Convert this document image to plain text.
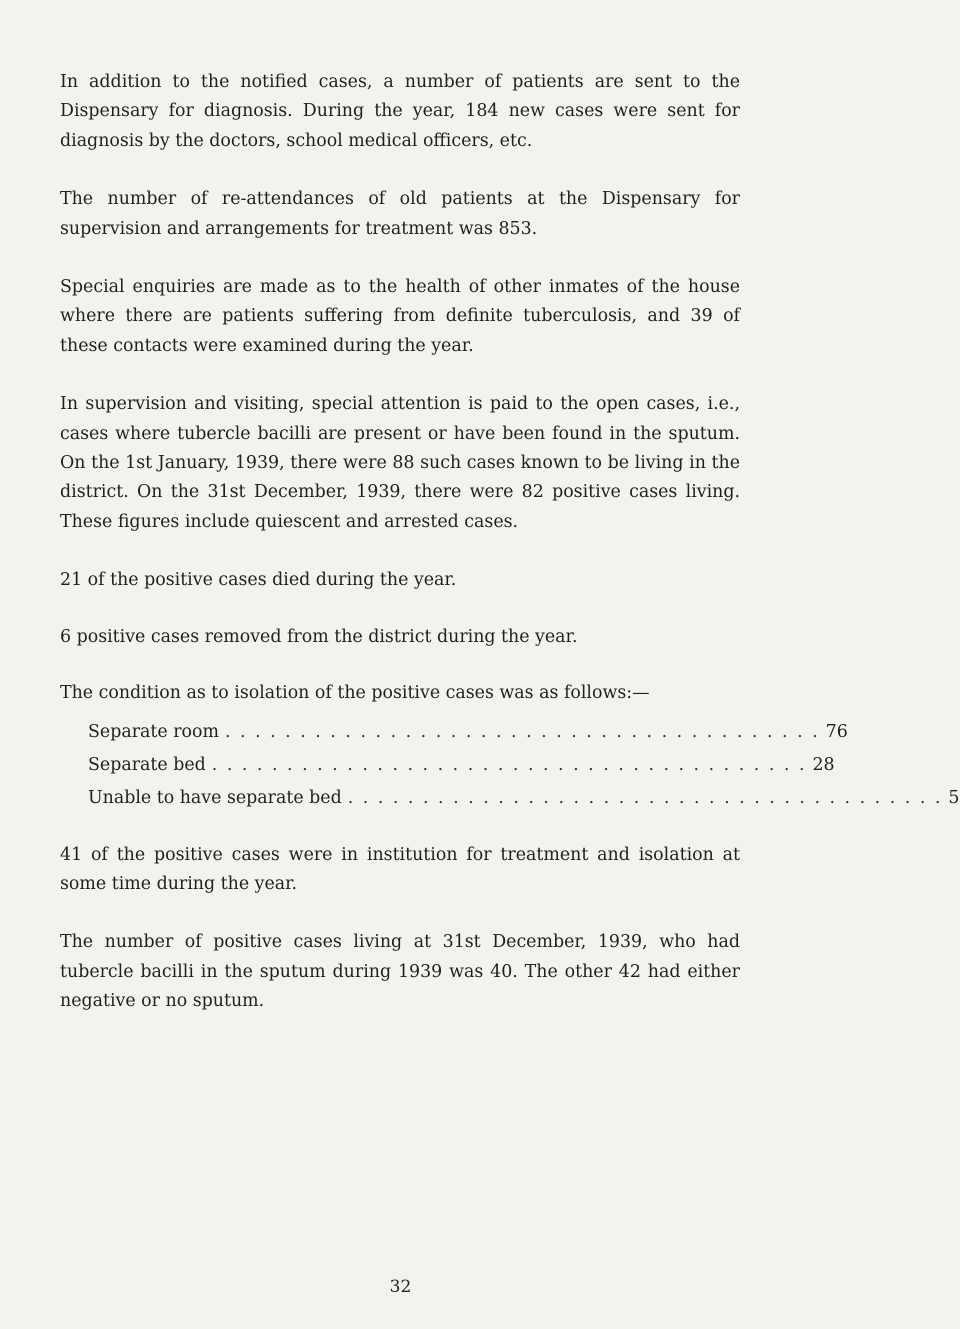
In addition to the notified cases, a number of patients are sent to the Dispensary for diagnosis. During the year, 184 new cases were sent for diagnosis by the doctors, school medical officers, etc.

The number of re-attendances of old patients at the Dispensary for supervision and arrangements for treatment was 853.

Special enquiries are made as to the health of other inmates of the house where there are patients suffering from definite tuberculosis, and 39 of these contacts were examined during the year.

In supervision and visiting, special attention is paid to the open cases, i.e., cases where tubercle bacilli are present or have been found in the sputum. On the 1st January, 1939, there were 88 such cases known to be living in the district. On the 31st December, 1939, there were 82 positive cases living. These figures include quiescent and arrested cases.

21 of the positive cases died during the year.

6 positive cases removed from the district during the year.

The condition as to isolation of the positive cases was as follows:—

Separate room . . . . . . . . . . . . . . . . . . . . . . . . . . . . . . . . . . . . . . . . 76
Separate bed . . . . . . . . . . . . . . . . . . . . . . . . . . . . . . . . . . . . . . . . 28
Unable to have separate bed . . . . . . . . . . . . . . . . . . . . . . . . . . . . . . . . . . . . . . . . 5

41 of the positive cases were in institution for treatment and isolation at some time during the year.

The number of positive cases living at 31st December, 1939, who had tubercle bacilli in the sputum during 1939 was 40. The other 42 had either negative or no sputum.

32
